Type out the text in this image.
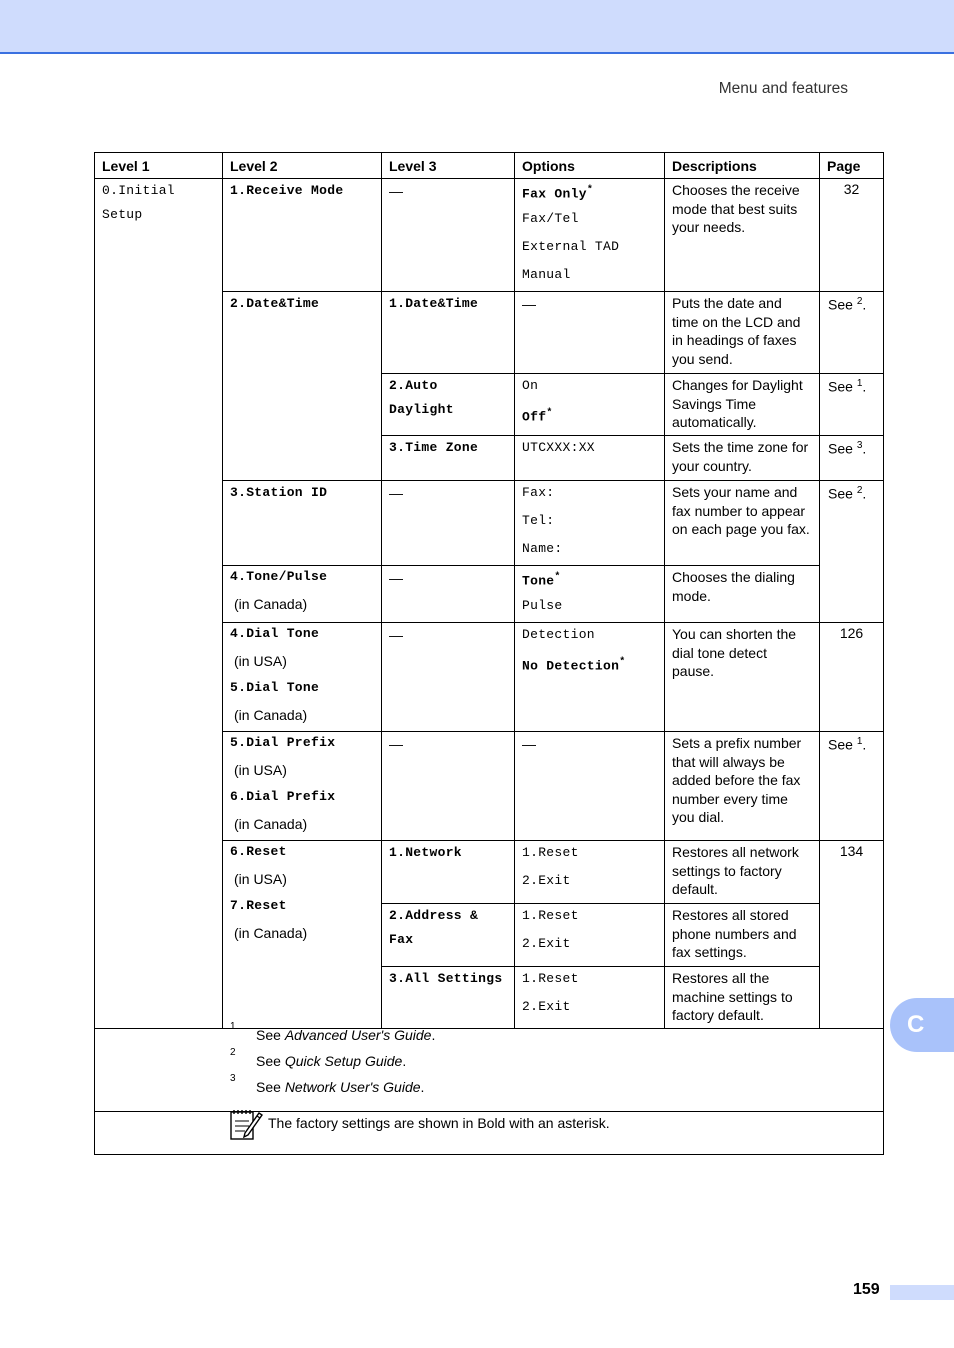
Menu and features
Level 1	Level 2	Level 3	Options	Descriptions	Page

0.Initial Setup	1.Receive Mode	—	Fax Only*
Fax/Tel
External TAD
Manual	Chooses the receive mode that best suits your needs.	32

	2.Date&Time	1.Date&Time	—	Puts the date and time on the LCD and in headings of faxes you send.	See $^2$.

		2.Auto Daylight	On
Off*	Changes for Daylight Savings Time automatically.	See $^1$.

		3.Time Zone	UTCXXX:XX	Sets the time zone for your country.	See $^3$.

	3.Station ID	—	Fax:
Tel:
Name:	Sets your name and fax number to appear on each page you fax.	See $^2$.

	4.Tone/Pulse
(in Canada)	—	Tone*
Pulse	Chooses the dialing mode.	

	4.Dial Tone
(in USA)
5.Dial Tone
(in Canada)	—	Detection
No Detection*	You can shorten the dial tone detect pause.	126

	5.Dial Prefix
(in USA)
6.Dial Prefix
(in Canada)	—	—	Sets a prefix number that will always be added before the fax number every time you dial.	See $^1$.

	6.Reset
(in USA)
7.Reset
(in Canada)	1.Network	1.Reset
2.Exit	Restores all network settings to factory default.	134

		2.Address & Fax	1.Reset
2.Exit	Restores all stored phone numbers and fax settings.	

		3.All Settings	1.Reset
2.Exit	Restores all the machine settings to factory default.	

1
See Advanced User's Guide.
2
See Quick Setup Guide.
3
See Network User's Guide.
The factory settings are shown in Bold with an asterisk.
C
159
